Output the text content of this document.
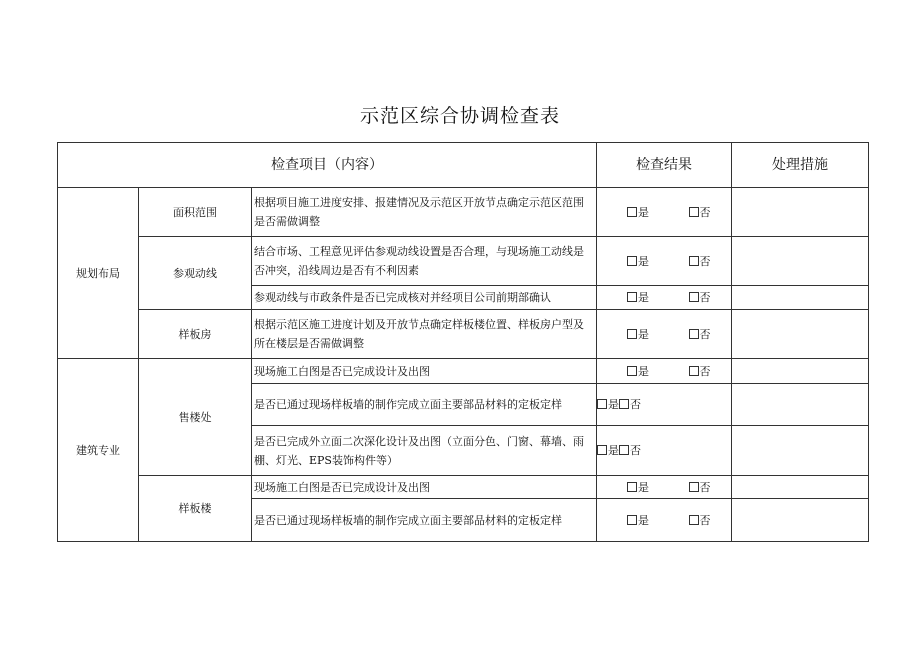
示范区综合协调检查表
检查项目（内容）			检查结果	处理措施
规划布局	面积范围	根据项目施工进度安排、报建情况及示范区开放节点确定示范区范围是否需做调整	是 否	
	参观动线	结合市场、工程意见评估参观动线设置是否合理，与现场施工动线是否冲突，沿线周边是否有不利因素	是 否	
		参观动线与市政条件是否已完成核对并经项目公司前期部确认	是 否	
	样板房	根据示范区施工进度计划及开放节点确定样板楼位置、样板房户型及所在楼层是否需做调整	是 否	
建筑专业	售楼处	现场施工白图是否已完成设计及出图	是 否	
		是否已通过现场样板墙的制作完成立面主要部品材料的定板定样	是 否	
		是否已完成外立面二次深化设计及出图（立面分色、门窗、幕墙、雨棚、灯光、EPS装饰构件等）	是 否	
	样板楼	现场施工白图是否已完成设计及出图	是 否	
		是否已通过现场样板墙的制作完成立面主要部品材料的定板定样	是 否	
